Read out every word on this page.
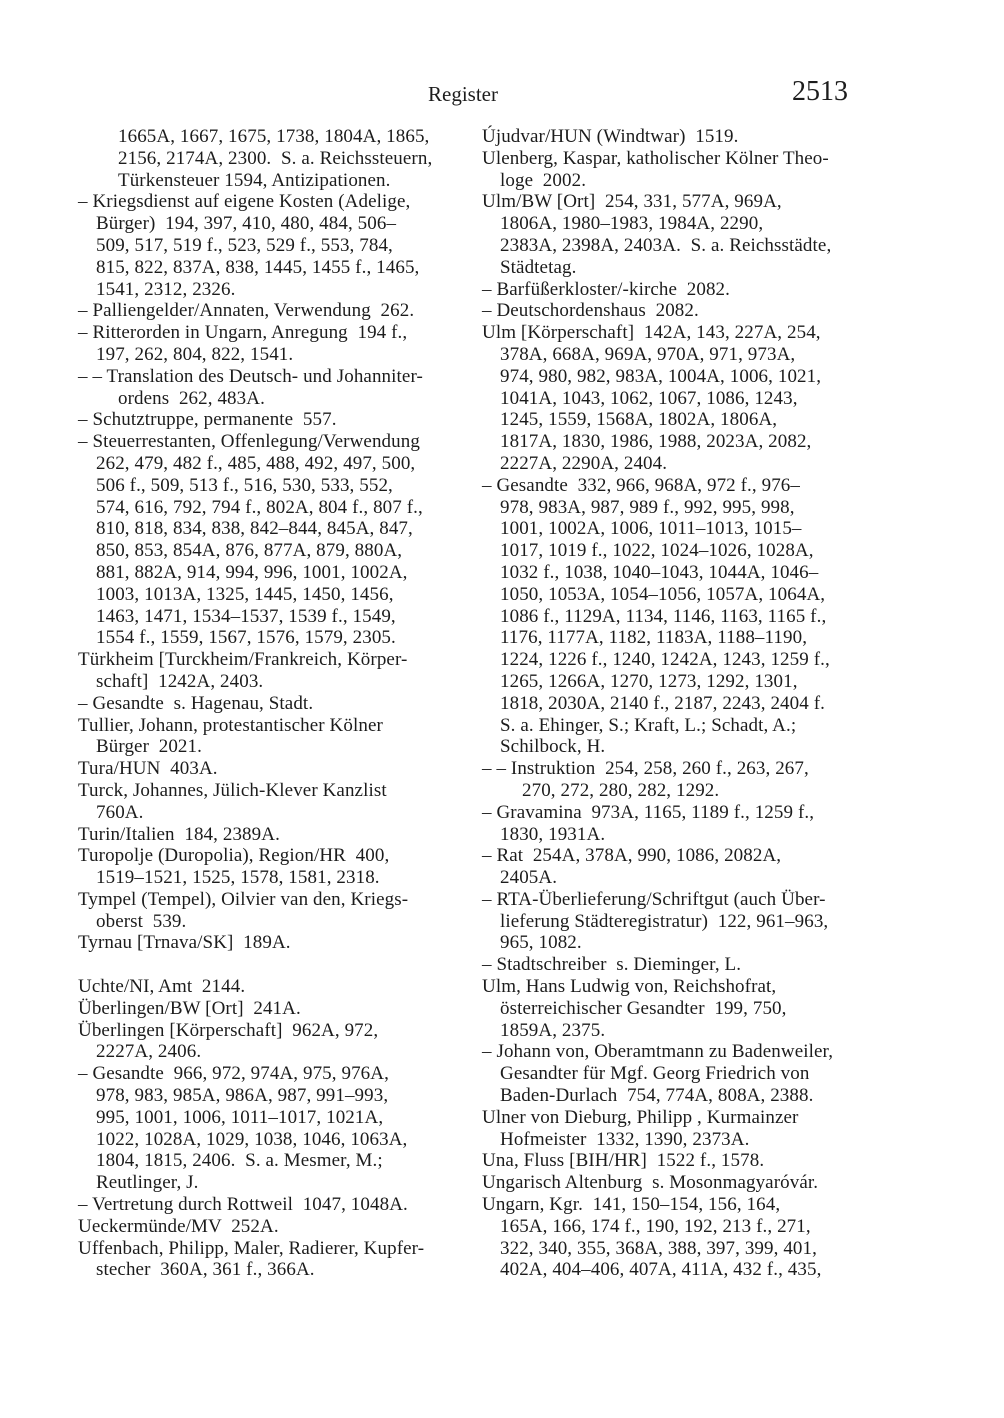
Register	2513
1665A, 1667, 1675, 1738, 1804A, 1865,
2156, 2174A, 2300.  S. a. Reichssteuern,
Türkensteuer 1594, Antizipationen.
– Kriegsdienst auf eigene Kosten (Adelige,
Bürger)  194, 397, 410, 480, 484, 506–
509, 517, 519 f., 523, 529 f., 553, 784,
815, 822, 837A, 838, 1445, 1455 f., 1465,
1541, 2312, 2326.
– Palliengelder/Annaten, Verwendung  262.
– Ritterorden in Ungarn, Anregung  194 f.,
197, 262, 804, 822, 1541.
– – Translation des Deutsch- und Johanniter-
ordens  262, 483A.
– Schutztruppe, permanente  557.
– Steuerrestanten, Offenlegung/Verwendung
262, 479, 482 f., 485, 488, 492, 497, 500,
506 f., 509, 513 f., 516, 530, 533, 552,
574, 616, 792, 794 f., 802A, 804 f., 807 f.,
810, 818, 834, 838, 842–844, 845A, 847,
850, 853, 854A, 876, 877A, 879, 880A,
881, 882A, 914, 994, 996, 1001, 1002A,
1003, 1013A, 1325, 1445, 1450, 1456,
1463, 1471, 1534–1537, 1539 f., 1549,
1554 f., 1559, 1567, 1576, 1579, 2305.
Türkheim [Turckheim/Frankreich, Körper-
schaft]  1242A, 2403.
– Gesandte  s. Hagenau, Stadt.
Tullier, Johann, protestantischer Kölner
Bürger  2021.
Tura/HUN  403A.
Turck, Johannes, Jülich-Klever Kanzlist
760A.
Turin/Italien  184, 2389A.
Turopolje (Duropolia), Region/HR  400,
1519–1521, 1525, 1578, 1581, 2318.
Tympel (Tempel), Oilvier van den, Kriegs-
oberst  539.
Tyrnau [Trnava/SK]  189A.
Uchte/NI, Amt  2144.
Überlingen/BW [Ort]  241A.
Überlingen [Körperschaft]  962A, 972,
2227A, 2406.
– Gesandte  966, 972, 974A, 975, 976A,
978, 983, 985A, 986A, 987, 991–993,
995, 1001, 1006, 1011–1017, 1021A,
1022, 1028A, 1029, 1038, 1046, 1063A,
1804, 1815, 2406.  S. a. Mesmer, M.;
Reutlinger, J.
– Vertretung durch Rottweil  1047, 1048A.
Ueckermünde/MV  252A.
Uffenbach, Philipp, Maler, Radierer, Kupfer-
stecher  360A, 361 f., 366A.
Újudvar/HUN (Windtwar)  1519.
Ulenberg, Kaspar, katholischer Kölner Theo-
loge  2002.
Ulm/BW [Ort]  254, 331, 577A, 969A,
1806A, 1980–1983, 1984A, 2290,
2383A, 2398A, 2403A.  S. a. Reichsstädte,
Städtetag.
– Barfüßerkloster/-kirche  2082.
– Deutschordenshaus  2082.
Ulm [Körperschaft]  142A, 143, 227A, 254,
378A, 668A, 969A, 970A, 971, 973A,
974, 980, 982, 983A, 1004A, 1006, 1021,
1041A, 1043, 1062, 1067, 1086, 1243,
1245, 1559, 1568A, 1802A, 1806A,
1817A, 1830, 1986, 1988, 2023A, 2082,
2227A, 2290A, 2404.
– Gesandte  332, 966, 968A, 972 f., 976–
978, 983A, 987, 989 f., 992, 995, 998,
1001, 1002A, 1006, 1011–1013, 1015–
1017, 1019 f., 1022, 1024–1026, 1028A,
1032 f., 1038, 1040–1043, 1044A, 1046–
1050, 1053A, 1054–1056, 1057A, 1064A,
1086 f., 1129A, 1134, 1146, 1163, 1165 f.,
1176, 1177A, 1182, 1183A, 1188–1190,
1224, 1226 f., 1240, 1242A, 1243, 1259 f.,
1265, 1266A, 1270, 1273, 1292, 1301,
1818, 2030A, 2140 f., 2187, 2243, 2404 f.
S. a. Ehinger, S.; Kraft, L.; Schadt, A.;
Schilbock, H.
– – Instruktion  254, 258, 260 f., 263, 267,
270, 272, 280, 282, 1292.
– Gravamina  973A, 1165, 1189 f., 1259 f.,
1830, 1931A.
– Rat  254A, 378A, 990, 1086, 2082A,
2405A.
– RTA-Überlieferung/Schriftgut (auch Über-
lieferung Städteregistratur)  122, 961–963,
965, 1082.
– Stadtschreiber  s. Dieminger, L.
Ulm, Hans Ludwig von, Reichshofrat,
österreichischer Gesandter  199, 750,
1859A, 2375.
– Johann von, Oberamtmann zu Badenweiler,
Gesandter für Mgf. Georg Friedrich von
Baden-Durlach  754, 774A, 808A, 2388.
Ulner von Dieburg, Philipp , Kurmainzer
Hofmeister  1332, 1390, 2373A.
Una, Fluss [BIH/HR]  1522 f., 1578.
Ungarisch Altenburg  s. Mosonmagyaróvár.
Ungarn, Kgr.  141, 150–154, 156, 164,
165A, 166, 174 f., 190, 192, 213 f., 271,
322, 340, 355, 368A, 388, 397, 399, 401,
402A, 404–406, 407A, 411A, 432 f., 435,
